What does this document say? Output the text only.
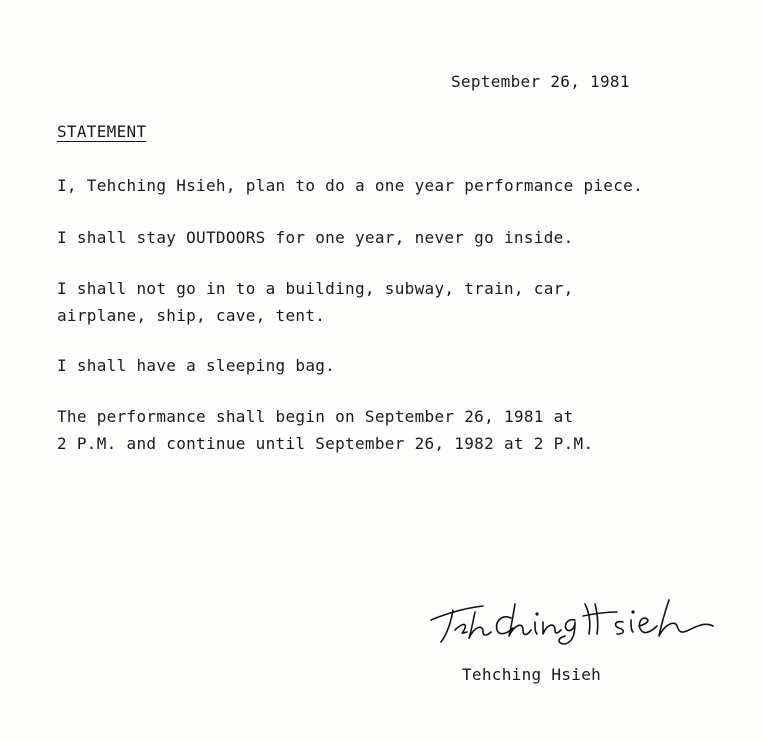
September 26, 1981
STATEMENT
I, Tehching Hsieh, plan to do a one year performance piece.
I shall stay OUTDOORS for one year, never go inside.
I shall not go in to a building, subway, train, car,
airplane, ship, cave, tent.
I shall have a sleeping bag.
The performance shall begin on September 26, 1981 at
2 P.M. and continue until September 26, 1982 at 2 P.M.
Tehching Hsieh
